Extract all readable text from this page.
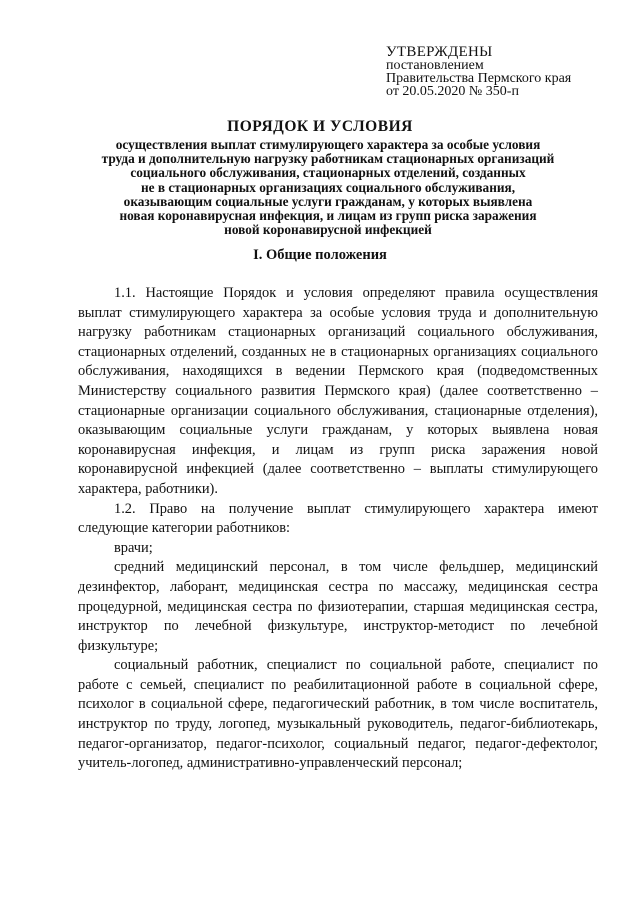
УТВЕРЖДЕНЫ
постановлением
Правительства Пермского края
от 20.05.2020 № 350-п
ПОРЯДОК И УСЛОВИЯ
осуществления выплат стимулирующего характера за особые условия
труда и дополнительную нагрузку работникам стационарных организаций
социального обслуживания, стационарных отделений, созданных
не в стационарных организациях социального обслуживания,
оказывающим социальные услуги гражданам, у которых выявлена
новая коронавирусная инфекция, и лицам из групп риска заражения
новой коронавирусной инфекцией
I. Общие положения

1.1. Настоящие Порядок и условия определяют правила осуществления выплат стимулирующего характера за особые условия труда и дополнительную нагрузку работникам стационарных организаций социального обслуживания, стационарных отделений, созданных не в стационарных организациях социального обслуживания, находящихся в ведении Пермского края (подведомственных Министерству социального развития Пермского края) (далее соответственно – стационарные организации социального обслуживания, стационарные отделения), оказывающим социальные услуги гражданам, у которых выявлена новая коронавирусная инфекция, и лицам из групп риска заражения новой коронавирусной инфекцией (далее соответственно – выплаты стимулирующего характера, работники).

1.2. Право на получение выплат стимулирующего характера имеют следующие категории работников:

врачи;

средний медицинский персонал, в том числе фельдшер, медицинский дезинфектор, лаборант, медицинская сестра по массажу, медицинская сестра процедурной, медицинская сестра по физиотерапии, старшая медицинская сестра, инструктор по лечебной физкультуре, инструктор-методист по лечебной физкультуре;

социальный работник, специалист по социальной работе, специалист по работе с семьей, специалист по реабилитационной работе в социальной сфере, психолог в социальной сфере, педагогический работник, в том числе воспитатель, инструктор по труду, логопед, музыкальный руководитель, педагог-библиотекарь, педагог-организатор, педагог-психолог, социальный педагог, педагог-дефектолог, учитель-логопед, административно-управленческий персонал;
